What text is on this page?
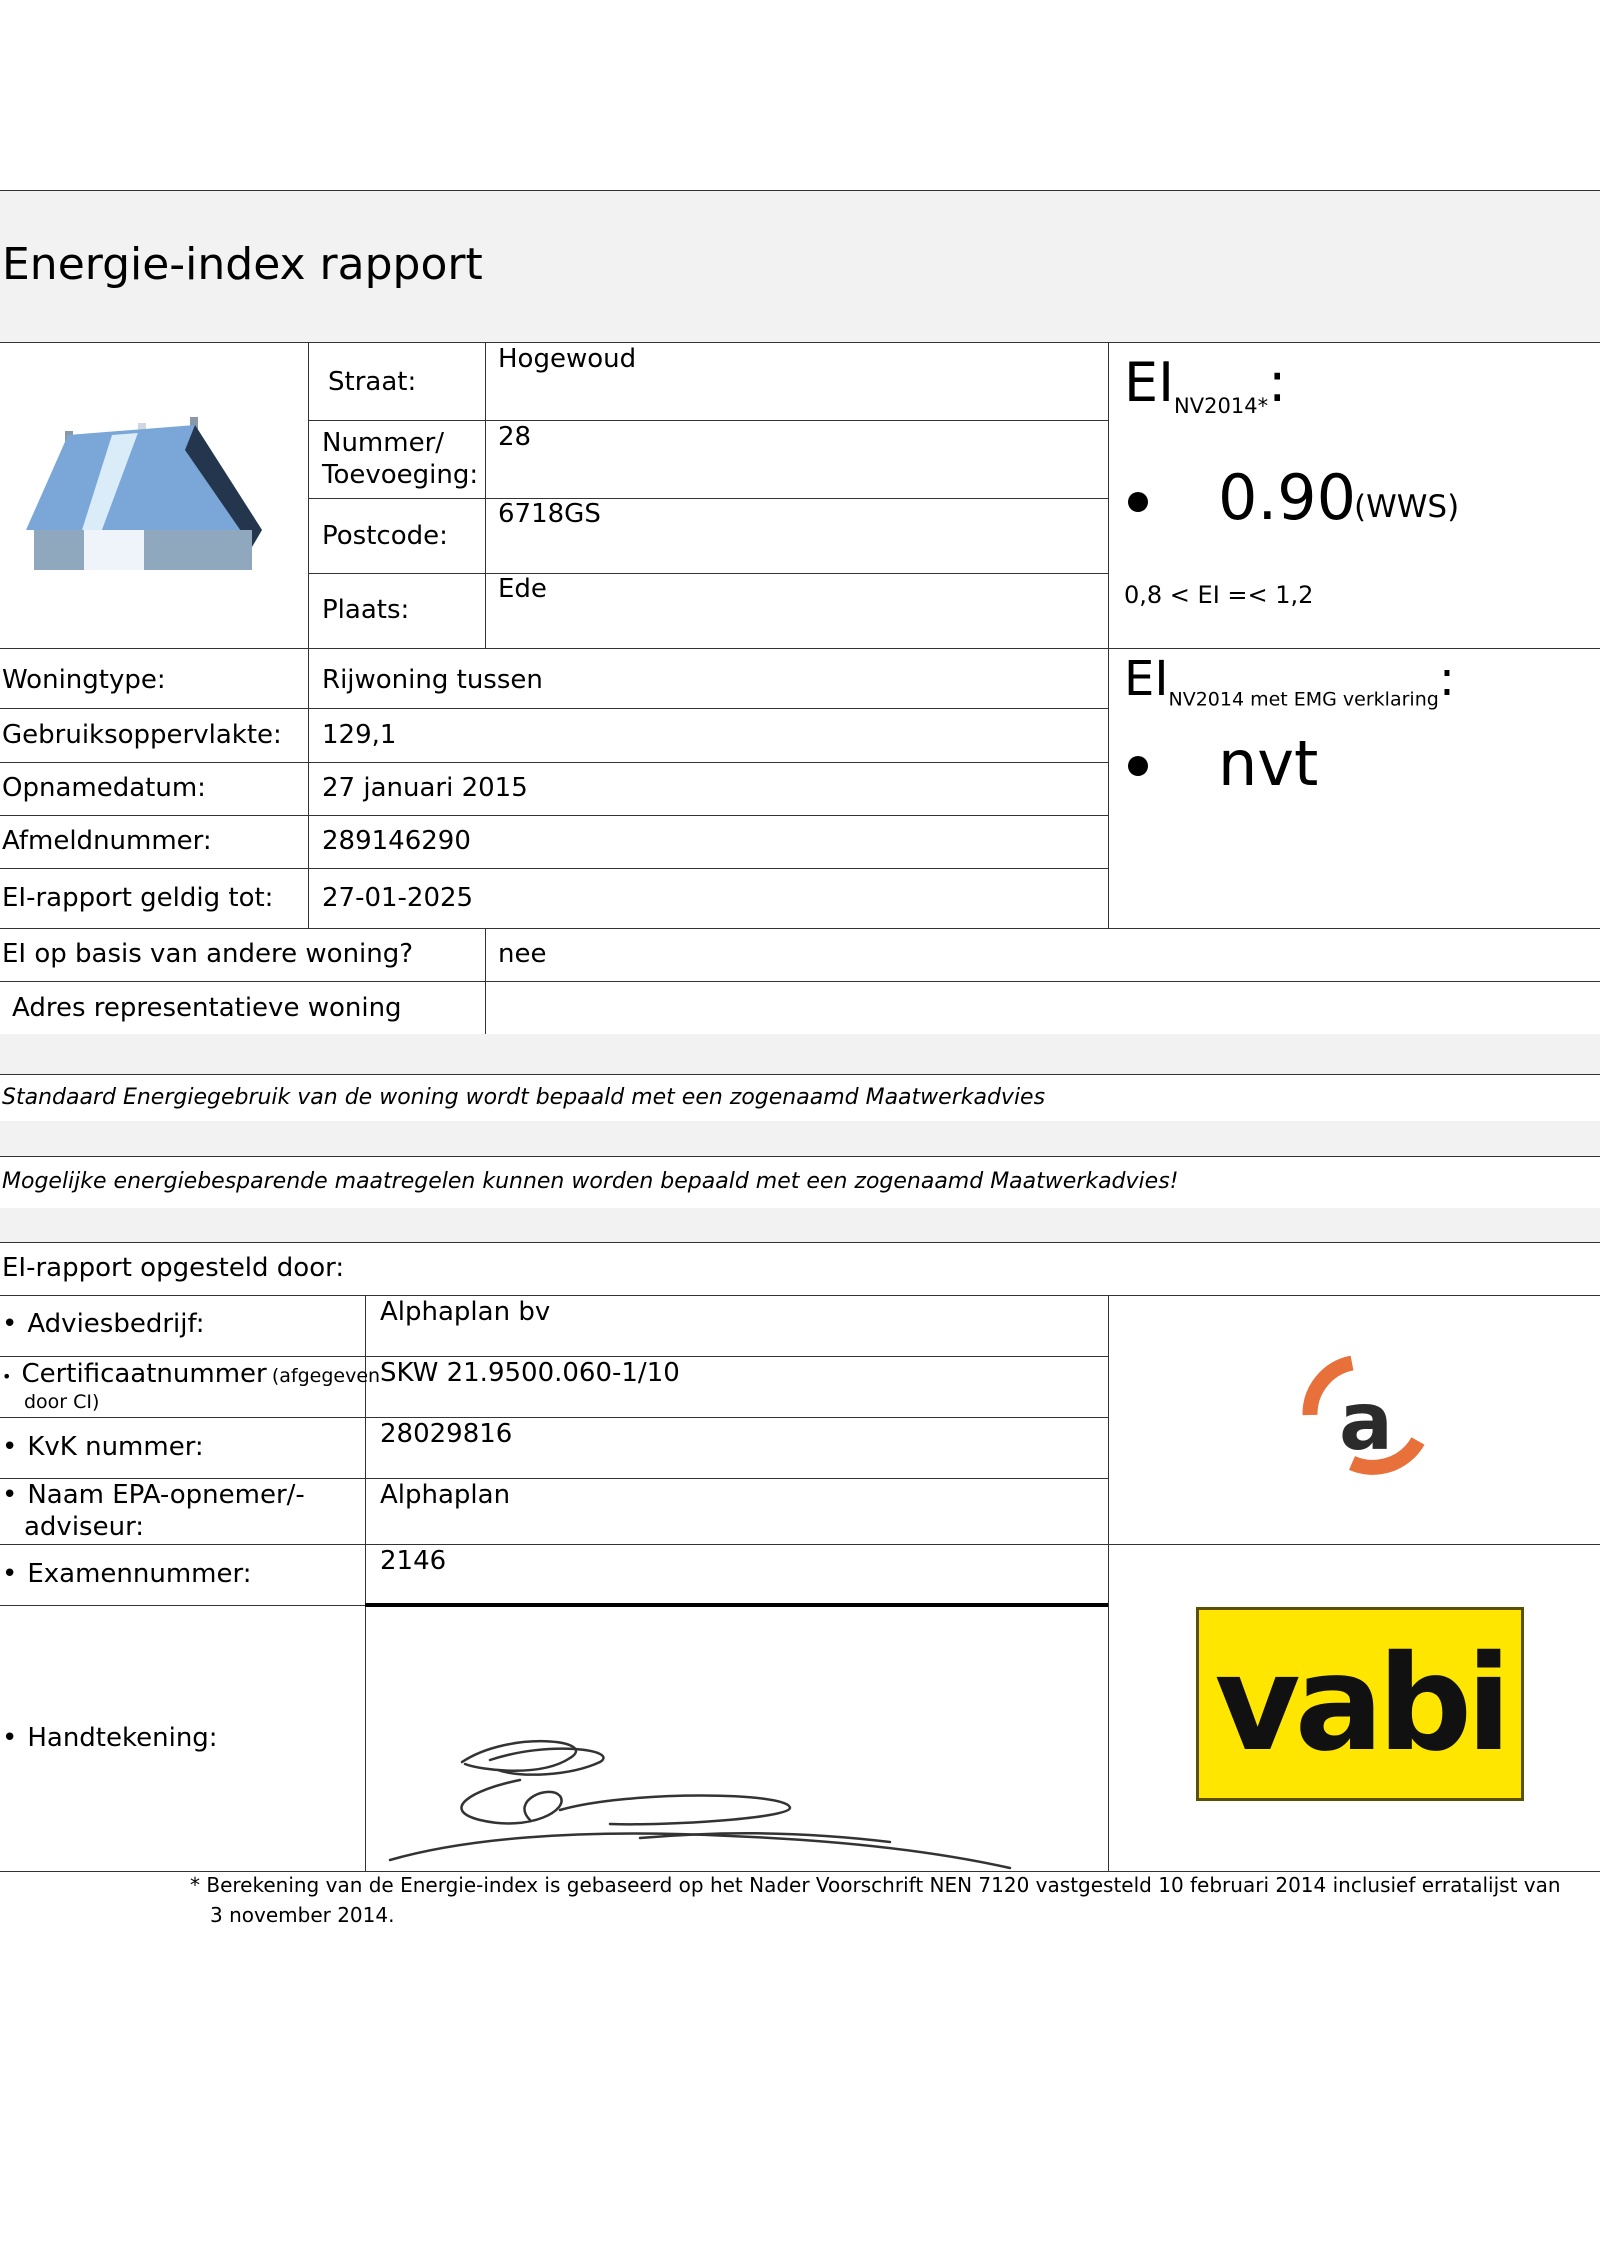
Energie-index rapport
Straat:
Hogewoud
Nummer/
Toevoeging:
28
Postcode:
6718GS
Plaats:
Ede
$EI_{NV2014*}$:
0.90
(WWS)
0,8 < EI =< 1,2
Woningtype:	Rijwoning tussen
Gebruiksoppervlakte: 129,1
Opnamedatum:	27 januari 2015
Afmeldnummer:	289146290
EI-rapport geldig tot: 27-01-2025
$EI_{NV2014 met EMG verklaring}$:
nvt
EI op basis van andere woning?	nee
Adres representatieve woning
Standaard Energiegebruik van de woning wordt bepaald met een zogenaamd Maatwerkadvies
Mogelijke energiebesparende maatregelen kunnen worden bepaald met een zogenaamd Maatwerkadvies!
EI-rapport opgesteld door:
• Adviesbedrijf:	Alphaplan bv
• Certificaatnummer (afgegeven
door CI)
SKW 21.9500.060-1/10
• KvK nummer:	28029816
• Naam EPA-opnemer/-
adviseur:
Alphaplan
• Examennummer:	2146
• Handtekening:
a
vabi
* Berekening van de Energie-index is gebaseerd op het Nader Voorschrift NEN 7120 vastgesteld 10 februari 2014 inclusief erratalijst van
3 november 2014.
